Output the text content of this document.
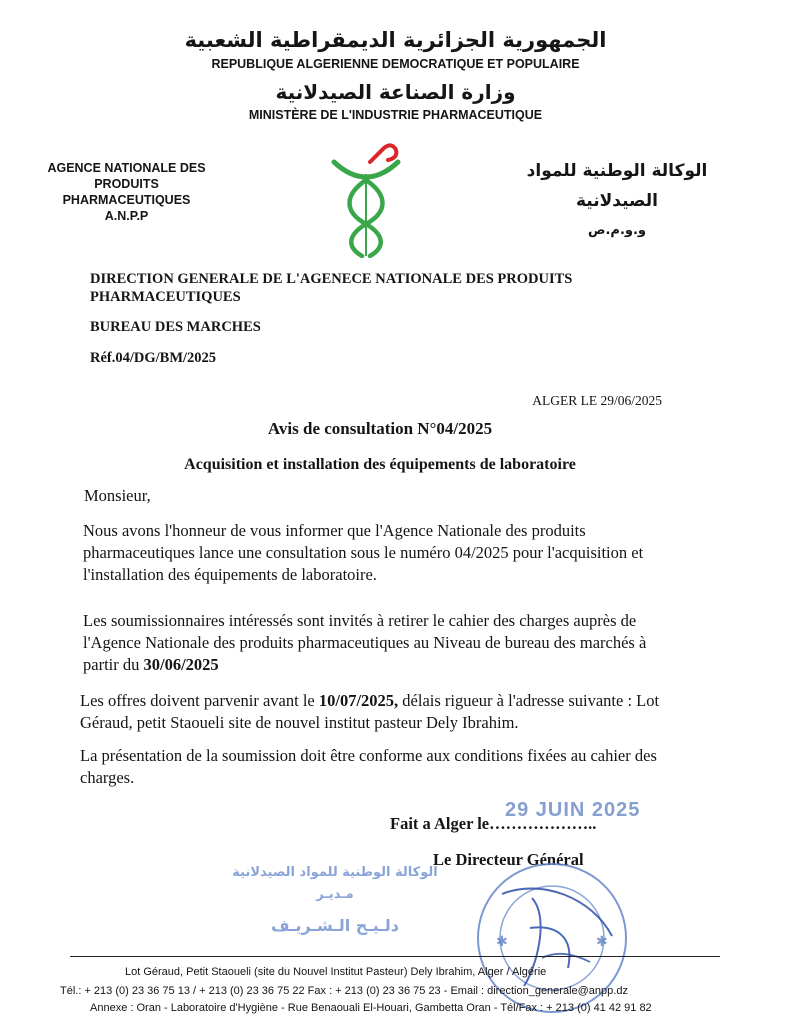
الجمهورية الجزائرية الديمقراطية الشعبية
REPUBLIQUE ALGERIENNE DEMOCRATIQUE ET POPULAIRE
وزارة الصناعة الصيدلانية
MINISTÈRE DE L'INDUSTRIE PHARMACEUTIQUE
AGENCE NATIONALE DES PRODUITS
PHARMACEUTIQUES
A.N.P.P
الوكالة الوطنية للمواد الصيدلانية
و.و.م.ص
DIRECTION GENERALE DE L'AGENECE NATIONALE DES PRODUITS
PHARMACEUTIQUES
BUREAU DES MARCHES
Réf.04/DG/BM/2025
ALGER LE 29/06/2025
Avis de consultation N°04/2025
Acquisition et installation des équipements de laboratoire
Monsieur,
Nous avons l'honneur de vous informer que l'Agence Nationale des produits pharmaceutiques lance une consultation sous le numéro 04/2025 pour l'acquisition et l'installation des équipements de laboratoire.
Les soumissionnaires intéressés sont invités à retirer le cahier des charges auprès de l'Agence Nationale des produits pharmaceutiques au Niveau de bureau des marchés à partir du 30/06/2025
Les offres doivent parvenir avant le 10/07/2025, délais rigueur à l'adresse suivante : Lot Géraud, petit Staoueli site de nouvel institut pasteur Dely Ibrahim.
La présentation de la soumission doit être conforme aux conditions fixées au cahier des charges.
Fait a Alger le………………..
29 JUIN 2025
Le Directeur Général
الوكالة الوطنية للمواد الصيدلانية
مـديـر
دلـيـح الـشـريـف
✱	✱
Lot Géraud, Petit Staoueli (site du Nouvel Institut Pasteur) Dely Ibrahim, Alger / Algérie
Tél.: + 213 (0) 23 36 75 13 / + 213 (0) 23 36 75 22 Fax : + 213 (0) 23 36 75 23 - Email : direction_generale@anpp.dz
Annexe : Oran - Laboratoire d'Hygiène - Rue Benaouali El-Houari, Gambetta Oran - Tél/Fax : + 213 (0) 41 42 91 82
